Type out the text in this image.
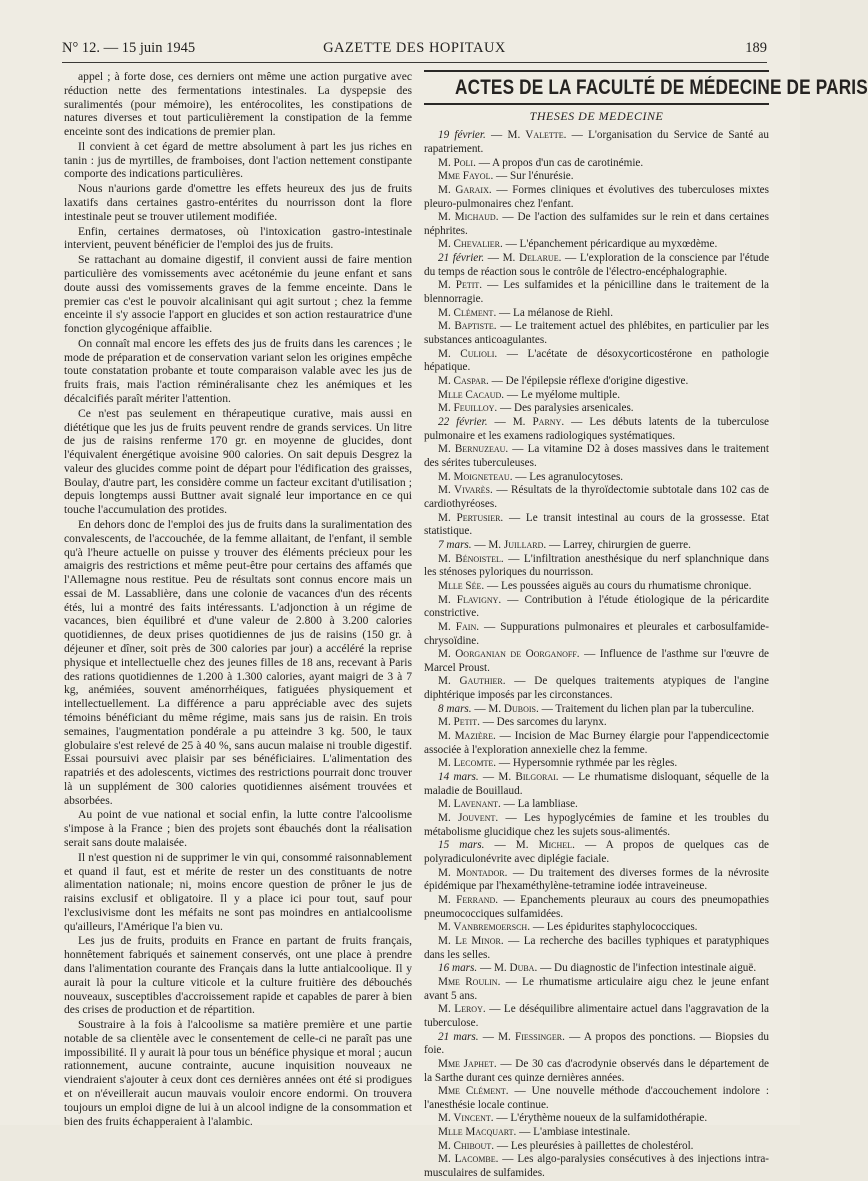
N° 12. — 15 juin 1945	GAZETTE DES HOPITAUX	189

appel ; à forte dose, ces derniers ont même une action purgative avec réduction nette des fermentations intestinales. La dyspepsie des suralimentés (pour mémoire), les entérocolites, les constipations de natures diverses et tout particulièrement la constipation de la femme enceinte sont des indications de premier plan.

Il convient à cet égard de mettre absolument à part les jus riches en tanin : jus de myrtilles, de framboises, dont l'action nettement constipante comporte des indications particulières.

Nous n'aurions garde d'omettre les effets heureux des jus de fruits laxatifs dans certaines gastro-entérites du nourrisson dont la flore intestinale peut se trouver utilement modifiée.

Enfin, certaines dermatoses, où l'intoxication gastro-intestinale intervient, peuvent bénéficier de l'emploi des jus de fruits.

Se rattachant au domaine digestif, il convient aussi de faire mention particulière des vomissements avec acétonémie du jeune enfant et sans doute aussi des vomissements graves de la femme enceinte. Dans le premier cas c'est le pouvoir alcalinisant qui agit surtout ; chez la femme enceinte il s'y associe l'apport en glucides et son action restauratrice d'une fonction glycogénique affaiblie.

On connaît mal encore les effets des jus de fruits dans les carences ; le mode de préparation et de conservation variant selon les origines empêche toute constatation probante et toute comparaison valable avec les jus de fruits frais, mais l'action réminéralisante chez les anémiques et les décalcifiés paraît mériter l'attention.

Ce n'est pas seulement en thérapeutique curative, mais aussi en diététique que les jus de fruits peuvent rendre de grands services. Un litre de jus de raisins renferme 170 gr. en moyenne de glucides, dont l'équivalent énergétique avoisine 900 calories. On sait depuis Desgrez la valeur des glucides comme point de départ pour l'édification des graisses, Boulay, d'autre part, les considère comme un facteur excitant d'utilisation ; depuis longtemps aussi Buttner avait signalé leur importance en ce qui touche l'accumulation des protides.

En dehors donc de l'emploi des jus de fruits dans la suralimentation des convalescents, de l'accouchée, de la femme allaitant, de l'enfant, il semble qu'à l'heure actuelle on puisse y trouver des éléments précieux pour les amaigris des restrictions et même peut-être pour certains des affamés que l'Allemagne nous restitue. Peu de résultats sont connus encore mais un essai de M. Lassablière, dans une colonie de vacances d'un des récents étés, lui a montré des faits intéressants. L'adjonction à un régime de vacances, bien équilibré et d'une valeur de 2.800 à 3.200 calories quotidiennes, de deux prises quotidiennes de jus de raisins (150 gr. à déjeuner et dîner, soit près de 300 calories par jour) a accéléré la reprise physique et intellectuelle chez des jeunes filles de 18 ans, recevant à Paris des rations quotidiennes de 1.200 à 1.300 calories, ayant maigri de 3 à 7 kg, anémiées, souvent aménorrhéiques, fatiguées physiquement et intellectuellement. La différence a paru appréciable avec des sujets témoins bénéficiant du même régime, mais sans jus de raisin. En trois semaines, l'augmentation pondérale a pu atteindre 3 kg. 500, le taux globulaire s'est relevé de 25 à 40 %, sans aucun malaise ni trouble digestif. Essai poursuivi avec plaisir par ses bénéficiaires. L'alimentation des rapatriés et des adolescents, victimes des restrictions pourrait donc trouver là un supplément de 300 calories quotidiennes aisément trouvées et absorbées.

Au point de vue national et social enfin, la lutte contre l'alcoolisme s'impose à la France ; bien des projets sont ébauchés dont la réalisation serait sans doute malaisée.

Il n'est question ni de supprimer le vin qui, consommé raisonnablement et quand il faut, est et mérite de rester un des constituants de notre alimentation nationale; ni, moins encore question de prôner le jus de raisins exclusif et obligatoire. Il y a place ici pour tout, sauf pour l'exclusivisme dont les méfaits ne sont pas moindres en antialcoolisme qu'ailleurs, l'Amérique l'a bien vu.

Les jus de fruits, produits en France en partant de fruits français, honnêtement fabriqués et sainement conservés, ont une place à prendre dans l'alimentation courante des Français dans la lutte antialcoolique. Il y aurait là pour la culture viticole et la culture fruitière des débouchés nouveaux, susceptibles d'accroissement rapide et capables de parer à bien des crises de production et de répartition.

Soustraire à la fois à l'alcoolisme sa matière première et une partie notable de sa clientèle avec le consentement de celle-ci ne paraît pas une impossibilité. Il y aurait là pour tous un bénéfice physique et moral ; aucun rationnement, aucune contrainte, aucune inquisition nouveaux ne viendraient s'ajouter à ceux dont ces dernières années ont été si prodigues et on n'éveillerait aucun mauvais vouloir encore endormi. On trouvera toujours un emploi digne de lui à un alcool indigne de la consommation et bien des fruits échapperaient à l'alambic.

ACTES DE LA FACULTÉ DE MÉDECINE DE PARIS
THESES DE MEDECINE

19 février. — M. Valette. — L'organisation du Service de Santé au rapatriement.

M. Poli. — A propos d'un cas de carotinémie.

Mme Fayol. — Sur l'énurésie.

M. Garaix. — Formes cliniques et évolutives des tuberculoses mixtes pleuro-pulmonaires chez l'enfant.

M. Michaud. — De l'action des sulfamides sur le rein et dans certaines néphrites.

M. Chevalier. — L'épanchement péricardique au myxœdème.

21 février. — M. Delarue. — L'exploration de la conscience par l'étude du temps de réaction sous le contrôle de l'électro-encéphalographie.

M. Petit. — Les sulfamides et la pénicilline dans le traitement de la blennorragie.

M. Clément. — La mélanose de Riehl.

M. Baptiste. — Le traitement actuel des phlébites, en particulier par les substances anticoagulantes.

M. Culioli. — L'acétate de désoxycorticostérone en pathologie hépatique.

M. Caspar. — De l'épilepsie réflexe d'origine digestive.

Mlle Cacaud. — Le myélome multiple.

M. Feuilloy. — Des paralysies arsenicales.

22 février. — M. Parny. — Les débuts latents de la tuberculose pulmonaire et les examens radiologiques systématiques.

M. Bernuzeau. — La vitamine D2 à doses massives dans le traitement des sérites tuberculeuses.

M. Moigneteau. — Les agranulocytoses.

M. Vivarès. — Résultats de la thyroïdectomie subtotale dans 102 cas de cardiothyréoses.

M. Pertusier. — Le transit intestinal au cours de la grossesse. Etat statistique.

7 mars. — M. Juillard. — Larrey, chirurgien de guerre.

M. Bénoistel. — L'infiltration anesthésique du nerf splanchnique dans les sténoses pyloriques du nourrisson.

Mlle Sée. — Les poussées aiguës au cours du rhumatisme chronique.

M. Flavigny. — Contribution à l'étude étiologique de la péricardite constrictive.

M. Fain. — Suppurations pulmonaires et pleurales et carbosulfamide-chrysoïdine.

M. Oorganian de Oorganoff. — Influence de l'asthme sur l'œuvre de Marcel Proust.

M. Gauthier. — De quelques traitements atypiques de l'angine diphtérique imposés par les circonstances.

8 mars. — M. Dubois. — Traitement du lichen plan par la tuberculine.

M. Petit. — Des sarcomes du larynx.

M. Mazière. — Incision de Mac Burney élargie pour l'appendicectomie associée à l'exploration annexielle chez la femme.

M. Lecomte. — Hypersomnie rythmée par les règles.

14 mars. — M. Bilgorai. — Le rhumatisme disloquant, séquelle de la maladie de Bouillaud.

M. Lavenant. — La lambliase.

M. Jouvent. — Les hypoglycémies de famine et les troubles du métabolisme glucidique chez les sujets sous-alimentés.

15 mars. — M. Michel. — A propos de quelques cas de polyradiculonévrite avec diplégie faciale.

M. Montador. — Du traitement des diverses formes de la névrosite épidémique par l'hexaméthylène-tetramine iodée intraveineuse.

M. Ferrand. — Epanchements pleuraux au cours des pneumopathies pneumococciques sulfamidées.

M. Vanbremoersch. — Les épidurites staphylococciques.

M. Le Minor. — La recherche des bacilles typhiques et paratyphiques dans les selles.

16 mars. — M. Duba. — Du diagnostic de l'infection intestinale aiguë.

Mme Roulin. — Le rhumatisme articulaire aigu chez le jeune enfant avant 5 ans.

M. Leroy. — Le déséquilibre alimentaire actuel dans l'aggravation de la tuberculose.

21 mars. — M. Fiessinger. — A propos des ponctions. — Biopsies du foie.

Mme Japhet. — De 30 cas d'acrodynie observés dans le département de la Sarthe durant ces quinze dernières années.

Mme Clément. — Une nouvelle méthode d'accouchement indolore : l'anesthésie locale continue.

M. Vincent. — L'érythème noueux de la sulfamidothérapie.

Mlle Macquart. — L'ambiase intestinale.

M. Chibout. — Les pleurésies à paillettes de cholestérol.

M. Lacombe. — Les algo-paralysies consécutives à des injections intra-musculaires de sulfamides.
